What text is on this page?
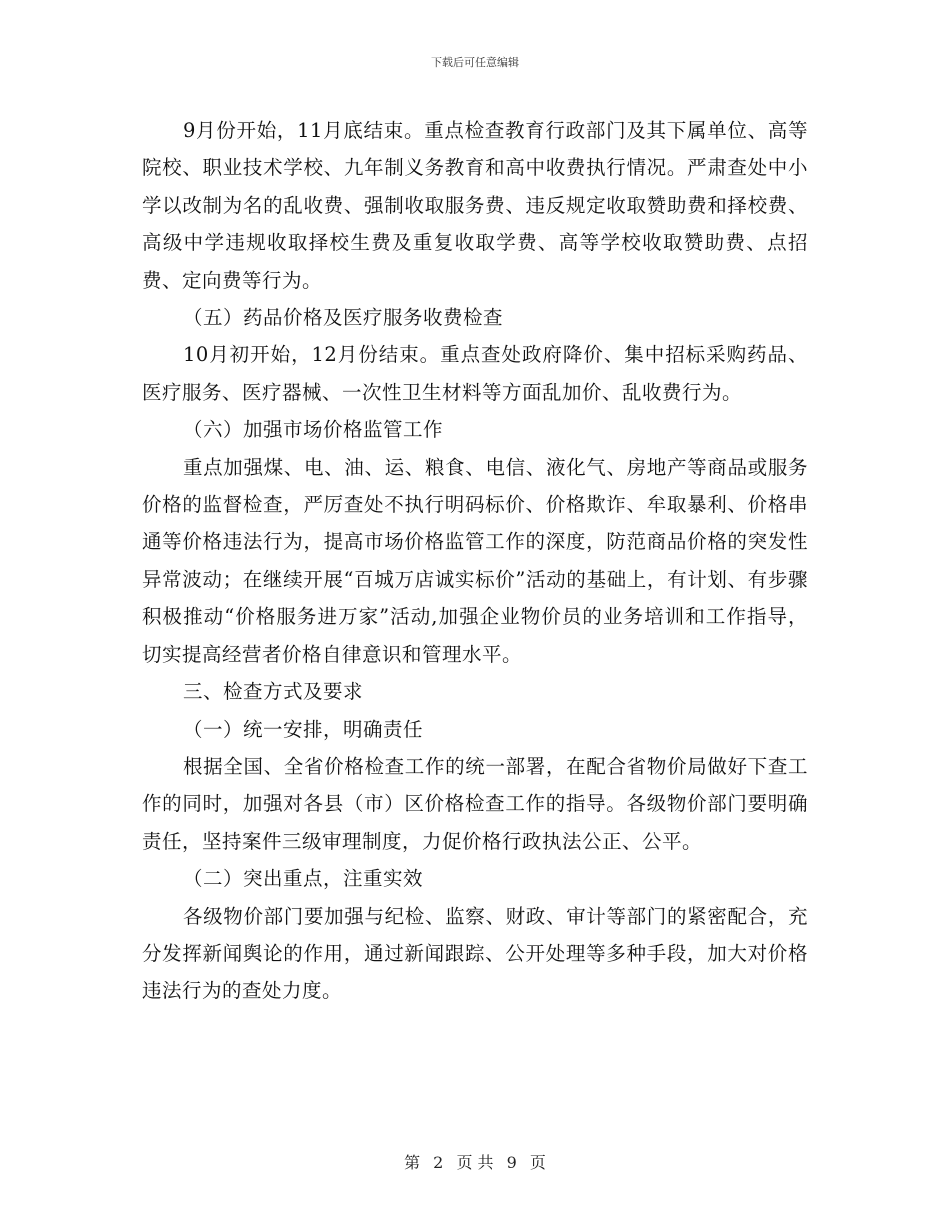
下载后可任意编辑

9月份开始，11月底结束。重点检查教育行政部门及其下属单位、高等院校、职业技术学校、九年制义务教育和高中收费执行情况。严肃查处中小学以改制为名的乱收费、强制收取服务费、违反规定收取赞助费和择校费、高级中学违规收取择校生费及重复收取学费、高等学校收取赞助费、点招费、定向费等行为。

（五）药品价格及医疗服务收费检查

10月初开始，12月份结束。重点查处政府降价、集中招标采购药品、医疗服务、医疗器械、一次性卫生材料等方面乱加价、乱收费行为。

（六）加强市场价格监管工作

重点加强煤、电、油、运、粮食、电信、液化气、房地产等商品或服务价格的监督检查，严厉查处不执行明码标价、价格欺诈、牟取暴利、价格串通等价格违法行为，提高市场价格监管工作的深度，防范商品价格的突发性异常波动；在继续开展“百城万店诚实标价”活动的基础上，有计划、有步骤积极推动“价格服务进万家”活动,加强企业物价员的业务培训和工作指导，切实提高经营者价格自律意识和管理水平。

三、检查方式及要求

（一）统一安排，明确责任

根据全国、全省价格检查工作的统一部署，在配合省物价局做好下查工作的同时，加强对各县（市）区价格检查工作的指导。各级物价部门要明确责任，坚持案件三级审理制度，力促价格行政执法公正、公平。

（二）突出重点，注重实效

各级物价部门要加强与纪检、监察、财政、审计等部门的紧密配合，充分发挥新闻舆论的作用，通过新闻跟踪、公开处理等多种手段，加大对价格违法行为的查处力度。

第 2 页 共 9 页
